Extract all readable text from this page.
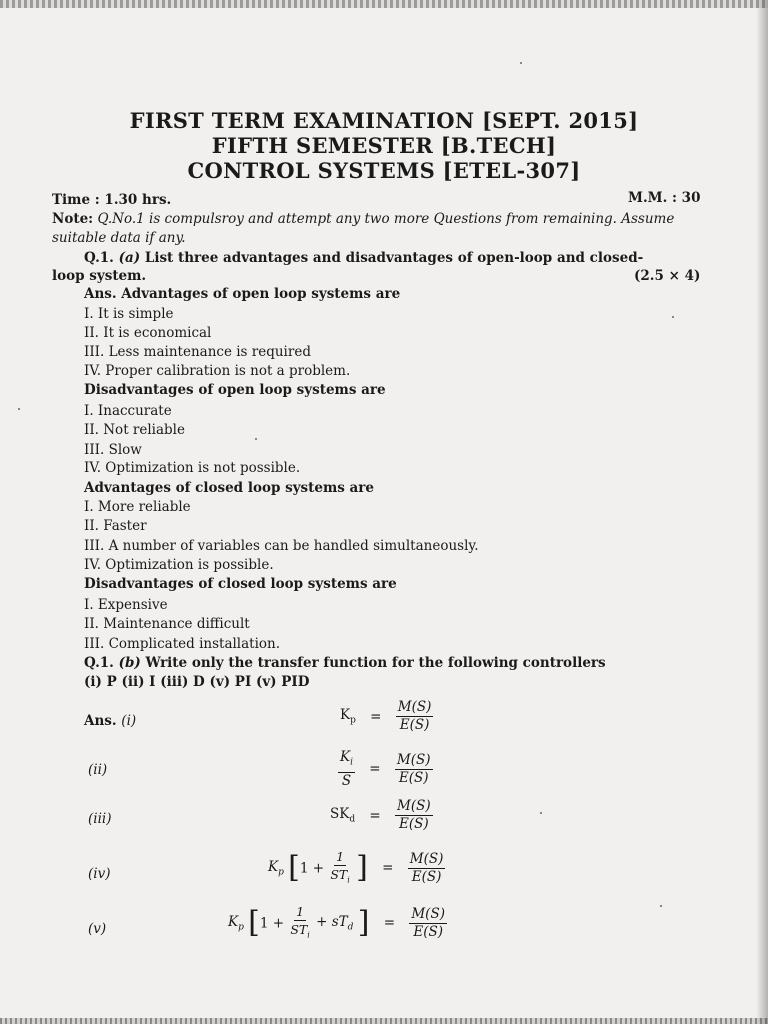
FIRST TERM EXAMINATION [SEPT. 2015]
FIFTH SEMESTER [B.TECH]
CONTROL SYSTEMS [ETEL-307]
Time : 1.30 hrs.	M.M. : 30
Note: Q.No.1 is compulsroy and attempt any two more Questions from remaining. Assume
suitable data if any.
Q.1. (a) List three advantages and disadvantages of open-loop and closed-
loop system.	(2.5 × 4)
Ans. Advantages of open loop systems are
I. It is simple
II. It is economical
III. Less maintenance is required
IV. Proper calibration is not a problem.
Disadvantages of open loop systems are
I. Inaccurate
II. Not reliable
III. Slow
IV. Optimization is not possible.
Advantages of closed loop systems are
I. More reliable
II. Faster
III. A number of variables can be handled simultaneously.
IV. Optimization is possible.
Disadvantages of closed loop systems are
I. Expensive
II. Maintenance difficult
III. Complicated installation.
Q.1. (b) Write only the transfer function for the following controllers
(i) P (ii) I (iii) D (v) PI (v) PID
Ans. (i)	$K_p = \frac{M(S)}{E(S)}$
(ii)	$\frac{K_i}{S} = \frac{M(S)}{E(S)}$
(iii)	$SK_d = \frac{M(S)}{E(S)}$
(iv)	$K_p$ [$1 + \frac{1}{ST_i}$ ] = $\frac{M(S)}{E(S)}$
(v)	$K_p$ [$1 + \frac{1}{ST_i} + sT_d$ ] = $\frac{M(S)}{E(S)}$
